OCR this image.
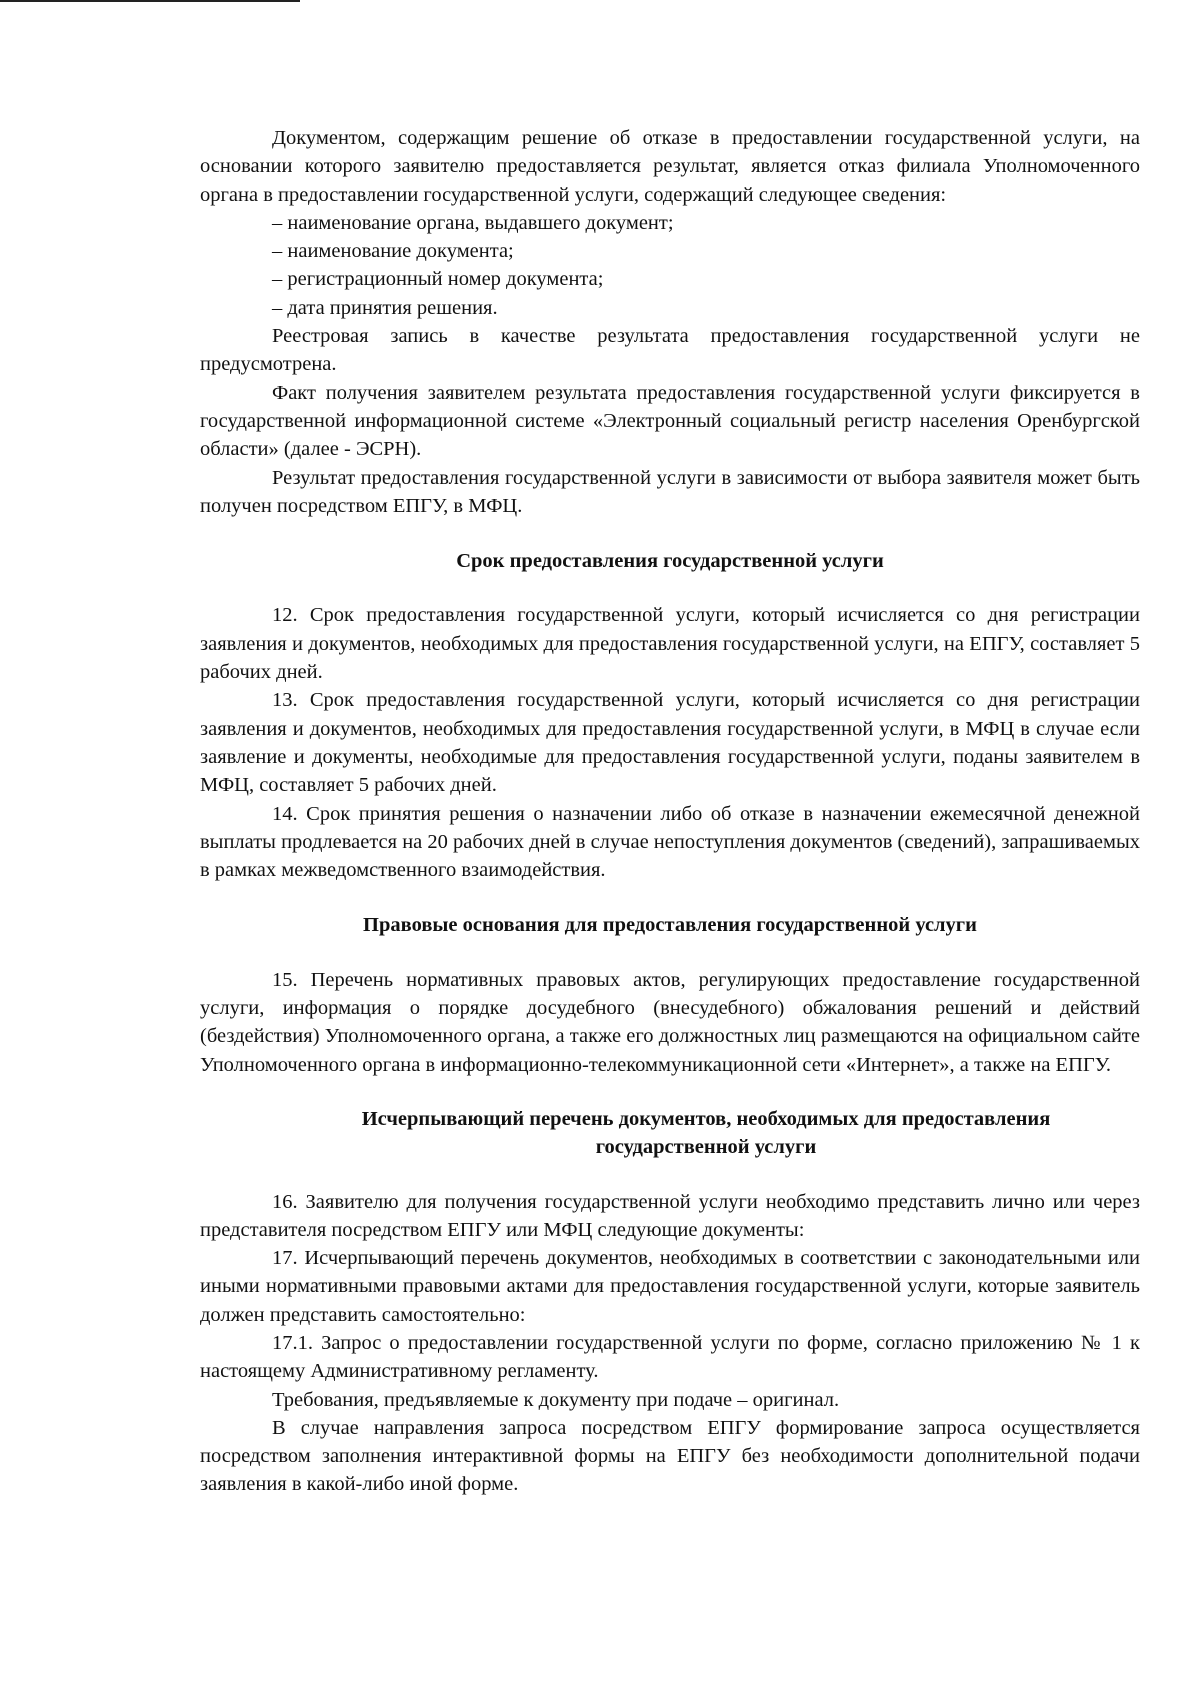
Документом, содержащим решение об отказе в предоставлении государственной услуги, на основании которого заявителю предоставляется результат, является отказ филиала Уполномоченного органа в предоставлении государственной услуги, содержащий следующее сведения:

– наименование органа, выдавшего документ;

– наименование документа;

– регистрационный номер документа;

– дата принятия решения.

Реестровая запись в качестве результата предоставления государственной услуги не предусмотрена.

Факт получения заявителем результата предоставления государственной услуги фиксируется в государственной информационной системе «Электронный социальный регистр населения Оренбургской области» (далее - ЭСРН).

Результат предоставления государственной услуги в зависимости от выбора заявителя может быть получен посредством ЕПГУ, в МФЦ.

Срок предоставления государственной услуги

12. Срок предоставления государственной услуги, который исчисляется со дня регистрации заявления и документов, необходимых для предоставления государственной услуги, на ЕПГУ, составляет 5 рабочих дней.

13. Срок предоставления государственной услуги, который исчисляется со дня регистрации заявления и документов, необходимых для предоставления государственной услуги, в МФЦ в случае если заявление и документы, необходимые для предоставления государственной услуги, поданы заявителем в МФЦ, составляет 5 рабочих дней.

14. Срок принятия решения о назначении либо об отказе в назначении ежемесячной денежной выплаты продлевается на 20 рабочих дней в случае непоступления документов (сведений), запрашиваемых в рамках межведомственного взаимодействия.

Правовые основания для предоставления государственной услуги

15. Перечень нормативных правовых актов, регулирующих предоставление государственной услуги, информация о порядке досудебного (внесудебного) обжалования решений и действий (бездействия) Уполномоченного органа, а также его должностных лиц размещаются на официальном сайте Уполномоченного органа в информационно-телекоммуникационной сети «Интернет», а также на ЕПГУ.

Исчерпывающий перечень документов, необходимых для предоставления
государственной услуги

16. Заявителю для получения государственной услуги необходимо представить лично или через представителя посредством ЕПГУ или МФЦ следующие документы:

17. Исчерпывающий перечень документов, необходимых в соответствии с законодательными или иными нормативными правовыми актами для предоставления государственной услуги, которые заявитель должен представить самостоятельно:

17.1. Запрос о предоставлении государственной услуги по форме, согласно приложению № 1 к настоящему Административному регламенту.

Требования, предъявляемые к документу при подаче – оригинал.

В случае направления запроса посредством ЕПГУ формирование запроса осуществляется посредством заполнения интерактивной формы на ЕПГУ без необходимости дополнительной подачи заявления в какой-либо иной форме.
